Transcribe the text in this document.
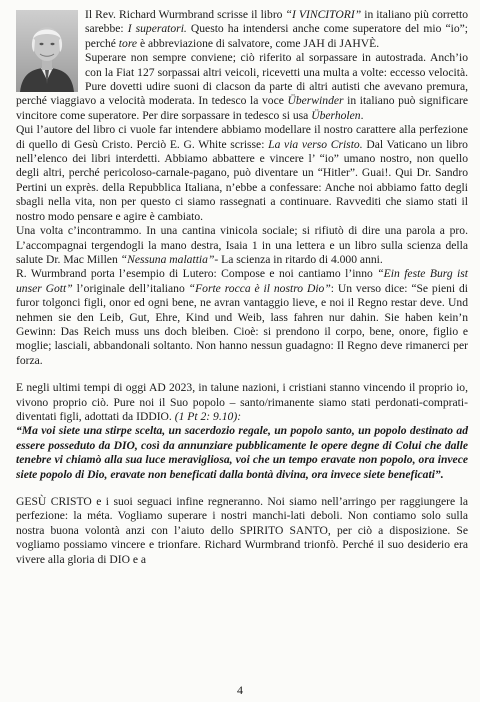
Il Rev. Richard Wurmbrand scrisse il libro “I VINCITORI” in italiano più corretto sarebbe: I superatori. Questo ha intendersi anche come superatore del mio “io”; perché tore è abbreviazione di salvatore, come JAH di JAHVÈ.

Superare non sempre conviene; ciò riferito al sorpassare in autostrada. Anch’io con la Fiat 127 sorpassai altri veicoli, ricevetti una multa a volte: eccesso velocità. Pure dovetti udire suoni di clacson da parte di altri autisti che avevano premura, perché viaggiavo a velocità moderata. In tedesco la voce Überwinder in italiano può significare vincitore come superatore. Per dire sorpassare in tedesco si usa Überholen.

Qui l’autore del libro ci vuole far intendere abbiamo modellare il nostro carattere alla perfezione di quello di Gesù Cristo. Perciò E. G. White scrisse: La via verso Cristo. Dal Vaticano un libro nell’elenco dei libri interdetti. Abbiamo abbattere e vincere l’ “io” umano nostro, non quello degli altri, perché pericoloso-carnale-pagano, può diventare un “Hitler”. Guai!. Qui Dr. Sandro Pertini un exprès. della Repubblica Italiana, n’ebbe a confessare: Anche noi abbiamo fatto degli sbagli nella vita, non per questo ci siamo rassegnati a continuare. Ravvediti che siamo stati il nostro modo pensare e agire è cambiato.

Una volta c’incontrammo. In una cantina vinicola sociale; si rifiutò di dire una parola a pro. L’accompagnai tergendogli la mano destra, Isaia 1 in una lettera e un libro sulla scienza della salute Dr. Mac Millen “Nessuna malattia”- La scienza in ritardo di 4.000 anni.

R. Wurmbrand porta l’esempio di Lutero: Compose e noi cantiamo l’inno “Ein feste Burg ist unser Gott” l’originale dell’italiano “Forte rocca è il nostro Dio”: Un verso dice: “Se pieni di furor tolgonci figli, onor ed ogni bene, ne avran vantaggio lieve, e noi il Regno restar deve. Und nehmen sie den Leib, Gut, Ehre, Kind und Weib, lass fahren nur dahin. Sie haben kein’n Gewinn: Das Reich muss uns doch bleiben. Cioè: si prendono il corpo, bene, onore, figlio e moglie; lasciali, abbandonali soltanto. Non hanno nessun guadagno: Il Regno deve rimanerci per forza.

E negli ultimi tempi di oggi AD 2023, in talune nazioni, i cristiani stanno vincendo il proprio io, vivono proprio ciò. Pure noi il Suo popolo – santo/rimanente siamo stati perdonati-comprati-diventati figli, adottati da IDDIO. (1 Pt 2: 9.10):

“Ma voi siete una stirpe scelta, un sacerdozio regale, un popolo santo, un popolo destinato ad essere posseduto da DIO, così da annunziare pubblicamente le opere degne di Colui che dalle tenebre vi chiamò alla sua luce meravigliosa, voi che un tempo eravate non popolo, ora invece siete popolo di Dio, eravate non beneficati dalla bontà divina, ora invece siete beneficati”.

GESÙ CRISTO e i suoi seguaci infine regneranno. Noi siamo nell’arringo per raggiungere la perfezione: la méta. Vogliamo superare i nostri manchi-lati deboli. Non contiamo solo sulla nostra buona volontà anzi con l’aiuto dello SPIRITO SANTO, per ciò a disposizione. Se vogliamo possiamo vincere e trionfare. Richard Wurmbrand trionfò. Perché il suo desiderio era vivere alla gloria di DIO e a

4
